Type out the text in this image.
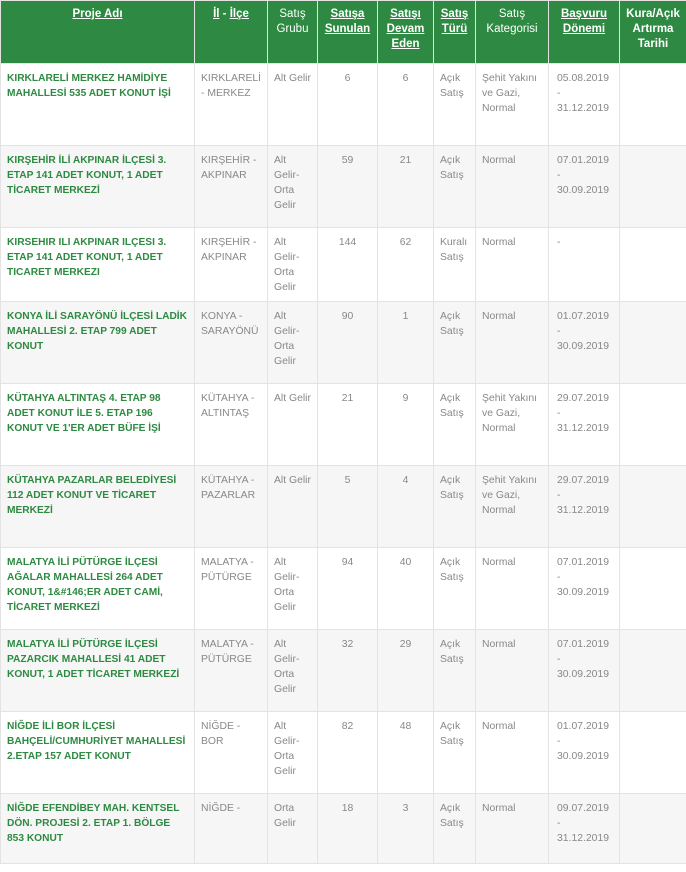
Proje Adı	İl - İlçe	Satış Grubu	Satışa Sunulan	Satışı Devam Eden	Satış Türü	Satış Kategorisi	Başvuru Dönemi	Kura/Açık Artırma Tarihi
KIRKLARELİ MERKEZ HAMİDİYE MAHALLESİ 535 ADET KONUT İŞİ	KIRKLARELİ - MERKEZ	Alt Gelir	6	6	Açık Satış	Şehit Yakını ve Gazi, Normal	05.08.2019 - 31.12.2019	
KIRŞEHİR İLİ AKPINAR İLÇESİ 3. ETAP 141 ADET KONUT, 1 ADET TİCARET MERKEZİ	KIRŞEHİR - AKPINAR	Alt Gelir-Orta Gelir	59	21	Açık Satış	Normal	07.01.2019 - 30.09.2019	
KIRSEHIR ILI AKPINAR ILÇESI 3. ETAP 141 ADET KONUT, 1 ADET TICARET MERKEZI	KIRŞEHİR - AKPINAR	Alt Gelir-Orta Gelir	144	62	Kuralı Satış	Normal	-	
KONYA İLİ SARAYÖNÜ İLÇESİ LADİK MAHALLESİ 2. ETAP 799 ADET KONUT	KONYA - SARAYÖNÜ	Alt Gelir-Orta Gelir	90	1	Açık Satış	Normal	01.07.2019 - 30.09.2019	
KÜTAHYA ALTINTAŞ 4. ETAP 98 ADET KONUT İLE 5. ETAP 196 KONUT VE 1'ER ADET BÜFE İŞİ	KÜTAHYA - ALTINTAŞ	Alt Gelir	21	9	Açık Satış	Şehit Yakını ve Gazi, Normal	29.07.2019 - 31.12.2019	
KÜTAHYA PAZARLAR BELEDİYESİ 112 ADET KONUT VE TİCARET MERKEZİ	KÜTAHYA - PAZARLAR	Alt Gelir	5	4	Açık Satış	Şehit Yakını ve Gazi, Normal	29.07.2019 - 31.12.2019	
MALATYA İLİ PÜTÜRGE İLÇESİ AĞALAR MAHALLESİ 264 ADET KONUT, 1&#146;ER ADET CAMİ, TİCARET MERKEZİ	MALATYA - PÜTÜRGE	Alt Gelir-Orta Gelir	94	40	Açık Satış	Normal	07.01.2019 - 30.09.2019	
MALATYA İLİ PÜTÜRGE İLÇESİ PAZARCIK MAHALLESİ 41 ADET KONUT, 1 ADET TİCARET MERKEZİ	MALATYA - PÜTÜRGE	Alt Gelir-Orta Gelir	32	29	Açık Satış	Normal	07.01.2019 - 30.09.2019	
NİĞDE İLİ BOR İLÇESİ BAHÇELİ/CUMHURİYET MAHALLESİ 2.ETAP 157 ADET KONUT	NİĞDE - BOR	Alt Gelir-Orta Gelir	82	48	Açık Satış	Normal	01.07.2019 - 30.09.2019	
NİĞDE EFENDİBEY MAH. KENTSEL DÖN. PROJESİ 2. ETAP 1. BÖLGE 853 KONUT	NİĞDE -	Orta Gelir	18	3	Açık Satış	Normal	09.07.2019 - 31.12.2019	
